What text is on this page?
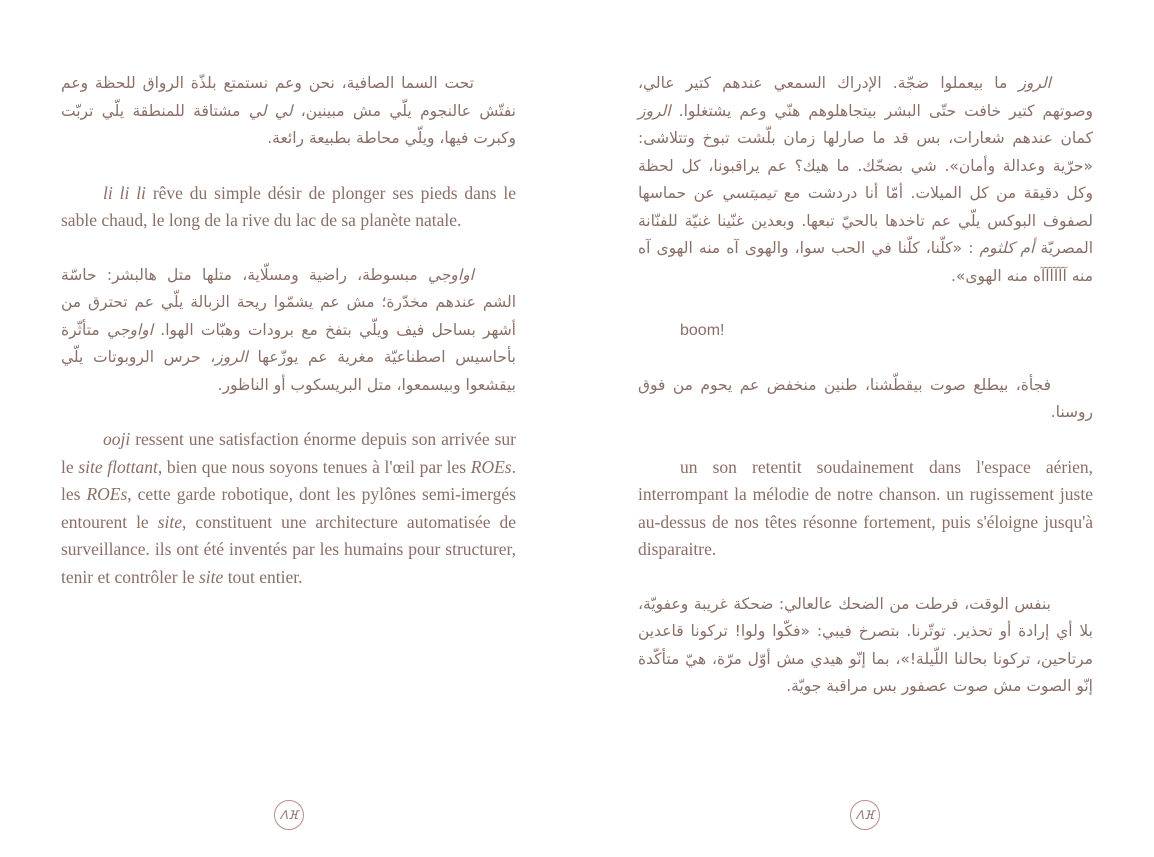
تحت السما الصافية، نحن وعم نستمتع بلذّة الرواق للحظة وعم نفتّش عالنجوم يلّي مش مبينين، لي لي مشتاقة للمنطقة يلّي تربّت وكبرت فيها، ويلّي محاطة بطبيعة رائعة.

li li li rêve du simple désir de plonger ses pieds dans le sable chaud, le long de la rive du lac de sa planète natale.

اواوجي مبسوطة، راضية ومسلّاية، متلها متل هالبشر: حاسّة الشم عندهم مخدّرة؛ مش عم يشمّوا ريحة الزبالة يلّي عم تحترق من أشهر بساحل فيف ويلّي بتفخ مع برودات وهبّات الهوا. اواوجي متأثّرة بأحاسيس اصطناعيّة مغرية عم يوزّعها الروز، حرس الروبوتات يلّي بيقشعوا وبيسمعوا، متل البريسكوب أو الناظور.

ooji ressent une satisfaction énorme depuis son arrivée sur le site flottant, bien que nous soyons tenues à l'œil par les ROEs. les ROEs, cette garde robotique, dont les pylônes semi-imergés entourent le site, constituent une architecture automatisée de surveillance. ils ont été inventés par les humains pour structurer, tenir et contrôler le site tout entier.

ⴷⴼ

الروز ما بيعملوا ضجّة. الإدراك السمعي عندهم كتير عالي، وصوتهم كتير خافت حتّى البشر بيتجاهلوهم هنّي وعم يشتغلوا. الروز كمان عندهم شعارات، بس قد ما صارلها زمان بلّشت تبوخ وتتلاشى: «حرّية وعدالة وأمان». شي بضحّك. ما هيك؟ عم يراقبونا، كل لحظة وكل دقيقة من كل الميلات. أمّا أنا دردشت مع تيميتسي عن حماسها لصفوف البوكس يلّي عم تاخدها بالحيّ تبعها. وبعدين غنّينا غنيّة للفنّانة المصريّة أم كلثوم : «كلّنا، كلّنا في الحب سوا، والهوى آه منه الهوى آه منه آآآآآآه منه الهوى».

boom!

فجأة، بيطلع صوت بيقطّشنا، طنين منخفض عم يحوم من فوق روسنا.

un son retentit soudainement dans l'espace aérien, interrompant la mélodie de notre chanson. un rugissement juste au-dessus de nos têtes résonne fortement, puis s'éloigne jusqu'à disparaitre.

بنفس الوقت، فرطت من الضحك عالعالي: ضحكة غريبة وعفويّة، بلا أي إرادة أو تحذير. توتّرنا. بتصرخ فيبي: «فكّوا ولوا! تركونا قاعدين مرتاحين، تركونا بحالنا اللّيلة!»، بما إنّو هيدي مش أوّل مرّة، هيّ متأكّدة إنّو الصوت مش صوت عصفور بس مراقبة جويّة.

ⴷⴼ
